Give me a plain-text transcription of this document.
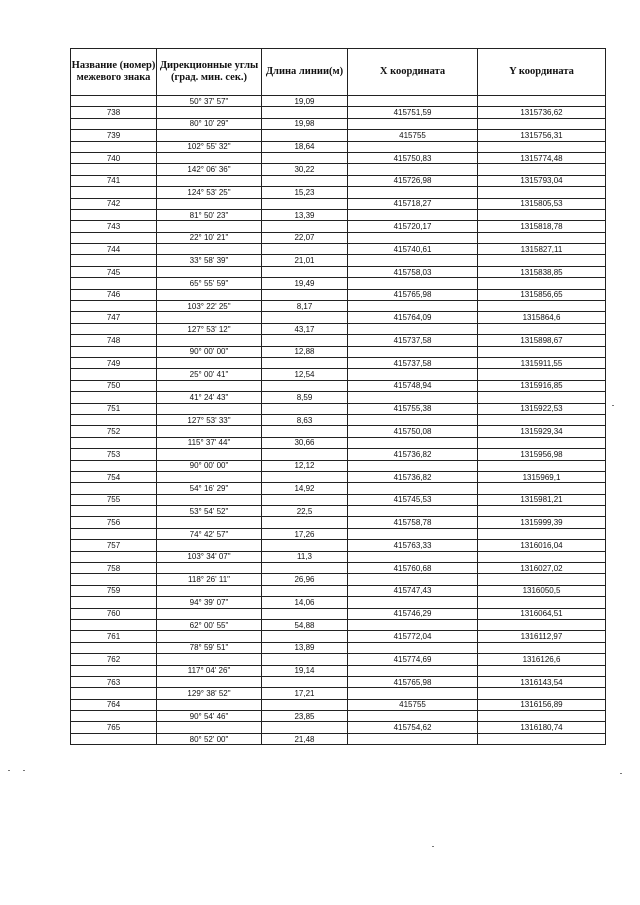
Название (номер) межевого знака	Дирекционные углы (град. мин. сек.)	Длина линии(м)	X координата	Y координата
	50° 37' 57"	19,09		
738			415751,59	1315736,62
	80° 10' 29"	19,98		
739			415755	1315756,31
	102° 55' 32"	18,64		
740			415750,83	1315774,48
	142° 06' 36"	30,22		
741			415726,98	1315793,04
	124° 53' 25"	15,23		
742			415718,27	1315805,53
	81° 50' 23"	13,39		
743			415720,17	1315818,78
	22° 10' 21"	22,07		
744			415740,61	1315827,11
	33° 58' 39"	21,01		
745			415758,03	1315838,85
	65° 55' 59"	19,49		
746			415765,98	1315856,65
	103° 22' 25"	8,17		
747			415764,09	1315864,6
	127° 53' 12"	43,17		
748			415737,58	1315898,67
	90° 00' 00"	12,88		
749			415737,58	1315911,55
	25° 00' 41"	12,54		
750			415748,94	1315916,85
	41° 24' 43"	8,59		
751			415755,38	1315922,53
	127° 53' 33"	8,63		
752			415750,08	1315929,34
	115° 37' 44"	30,66		
753			415736,82	1315956,98
	90° 00' 00"	12,12		
754			415736,82	1315969,1
	54° 16' 29"	14,92		
755			415745,53	1315981,21
	53° 54' 52"	22,5		
756			415758,78	1315999,39
	74° 42' 57"	17,26		
757			415763,33	1316016,04
	103° 34' 07"	11,3		
758			415760,68	1316027,02
	118° 26' 11"	26,96		
759			415747,43	1316050,5
	94° 39' 07"	14,06		
760			415746,29	1316064,51
	62° 00' 55"	54,88		
761			415772,04	1316112,97
	78° 59' 51"	13,89		
762			415774,69	1316126,6
	117° 04' 26"	19,14		
763			415765,98	1316143,54
	129° 38' 52"	17,21		
764			415755	1316156,89
	90° 54' 46"	23,85		
765			415754,62	1316180,74
	80° 52' 00"	21,48		
